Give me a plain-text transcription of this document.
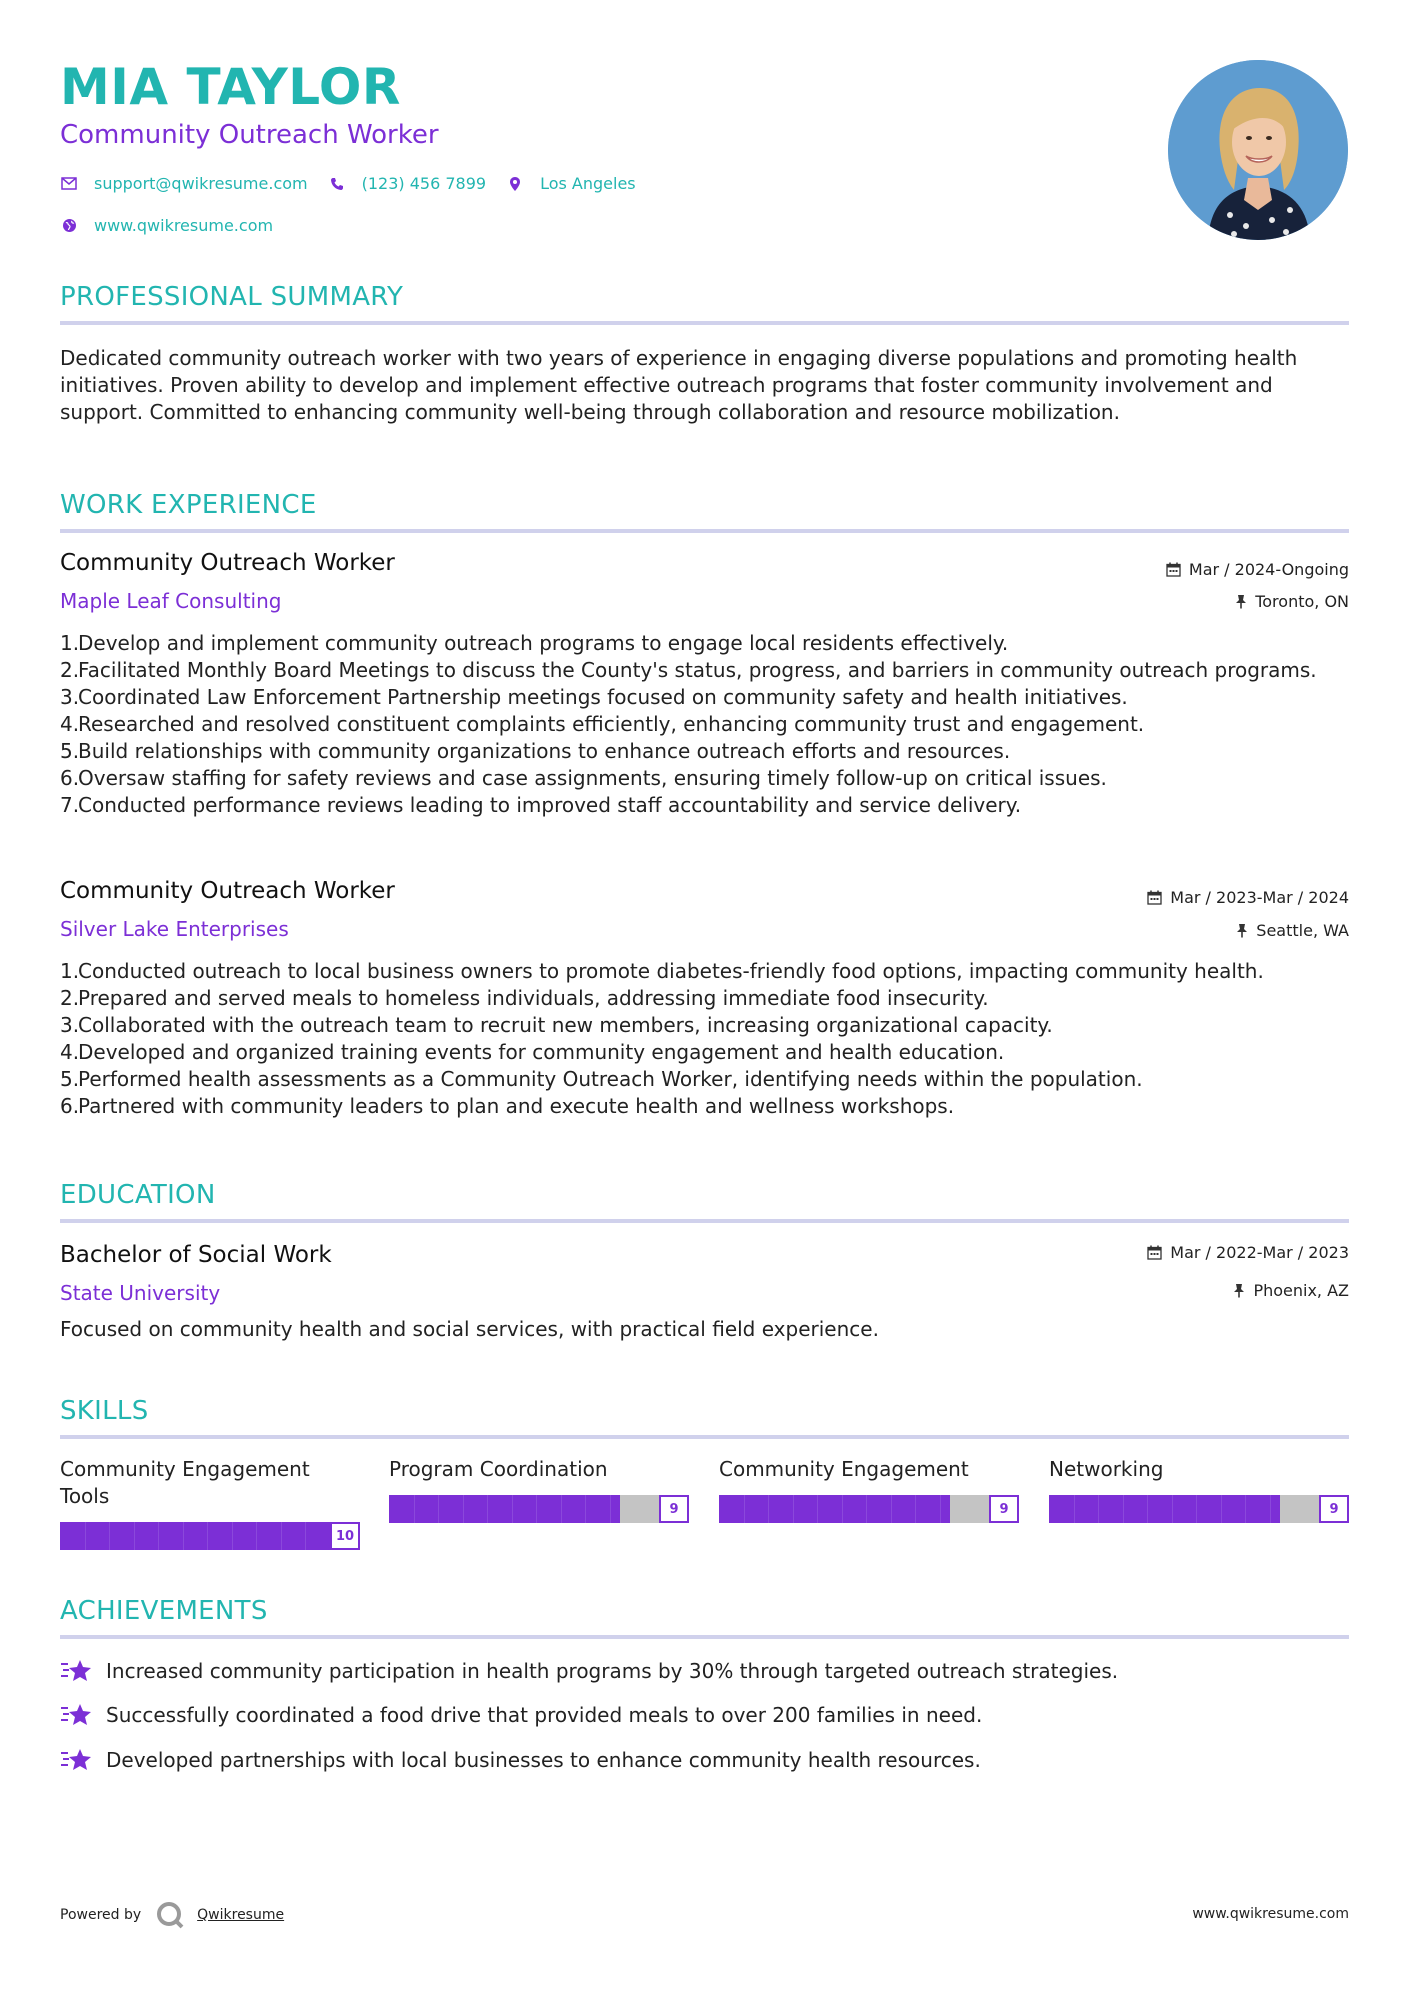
MIA TAYLOR
Community Outreach Worker
support@qwikresume.com	(123) 456 7899	Los Angeles
www.qwikresume.com
PROFESSIONAL SUMMARY
Dedicated community outreach worker with two years of experience in engaging diverse populations and promoting health initiatives. Proven ability to develop and implement effective outreach programs that foster community involvement and support. Committed to enhancing community well-being through collaboration and resource mobilization.
WORK EXPERIENCE
Community Outreach Worker	Mar / 2024-Ongoing
Maple Leaf Consulting	Toronto, ON
1.
Develop and implement community outreach programs to engage local residents effectively.
2.
Facilitated Monthly Board Meetings to discuss the County's status, progress, and barriers in community outreach programs.
3.
Coordinated Law Enforcement Partnership meetings focused on community safety and health initiatives.
4.
Researched and resolved constituent complaints efficiently, enhancing community trust and engagement.
5.
Build relationships with community organizations to enhance outreach efforts and resources.
6.
Oversaw staffing for safety reviews and case assignments, ensuring timely follow-up on critical issues.
7.
Conducted performance reviews leading to improved staff accountability and service delivery.
Community Outreach Worker	Mar / 2023-Mar / 2024
Silver Lake Enterprises	Seattle, WA
1.
Conducted outreach to local business owners to promote diabetes-friendly food options, impacting community health.
2.
Prepared and served meals to homeless individuals, addressing immediate food insecurity.
3.
Collaborated with the outreach team to recruit new members, increasing organizational capacity.
4.
Developed and organized training events for community engagement and health education.
5.
Performed health assessments as a Community Outreach Worker, identifying needs within the population.
6.
Partnered with community leaders to plan and execute health and wellness workshops.
EDUCATION
Bachelor of Social Work	Mar / 2022-Mar / 2023
State University	Phoenix, AZ
Focused on community health and social services, with practical field experience.
SKILLS
Community Engagement Tools
10
Program Coordination
9
Community Engagement
9
Networking
9
ACHIEVEMENTS
Increased community participation in health programs by 30% through targeted outreach strategies.
Successfully coordinated a food drive that provided meals to over 200 families in need.
Developed partnerships with local businesses to enhance community health resources.
Powered by	Qwikresume	www.qwikresume.com
